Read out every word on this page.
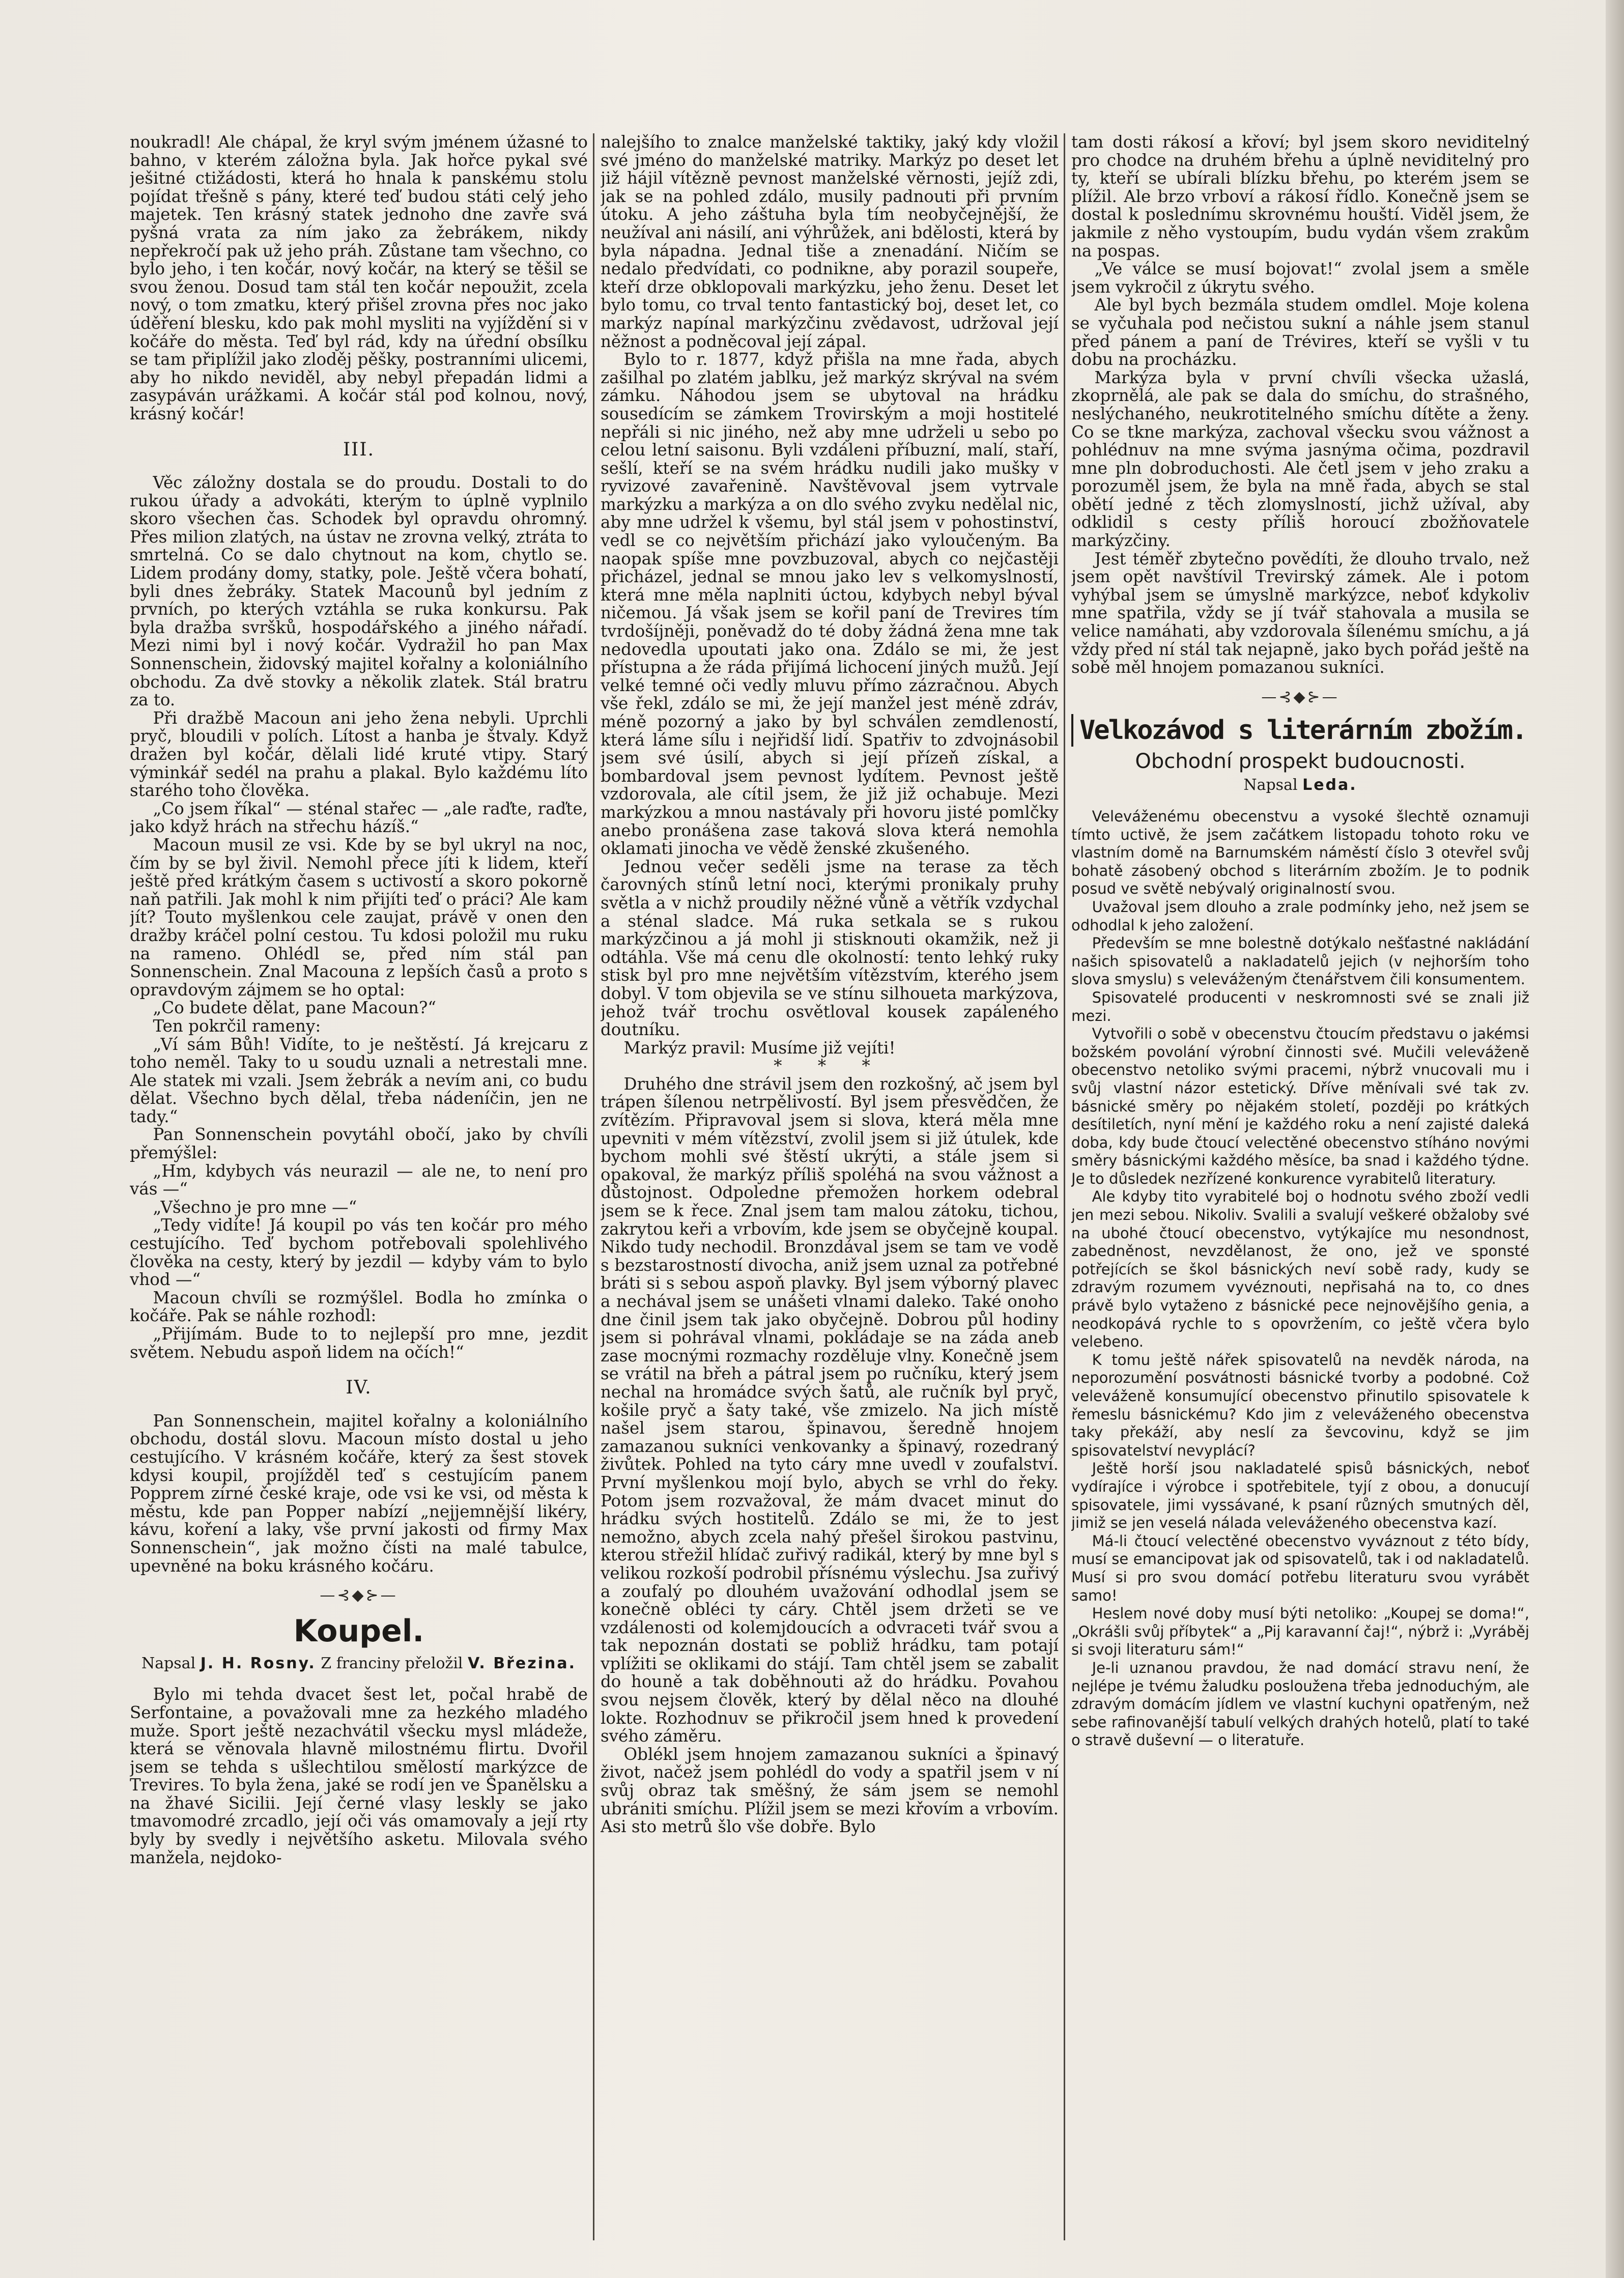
noukradl! Ale chápal, že kryl svým jménem úžasné to bahno, v kterém záložna byla. Jak hořce pykal své ješitné ctižádosti, která ho hnala k panskému stolu pojídat třešně s pány, které teď budou státi celý jeho majetek. Ten krásný statek jednoho dne zavře svá pyšná vrata za ním jako za žebrákem, nikdy nepřekročí pak už jeho práh. Zůstane tam všechno, co bylo jeho, i ten kočár, nový kočár, na který se těšil se svou ženou. Dosud tam stál ten kočár nepoužit, zcela nový, o tom zmatku, který přišel zrovna přes noc jako úděření blesku, kdo pak mohl mysliti na vyjíždění si v kočáře do města. Teď byl rád, kdy na úřední obsílku se tam připlížil jako zloděj pěšky, postranními ulicemi, aby ho nikdo neviděl, aby nebyl přepadán lidmi a zasypáván urážkami. A kočár stál pod kolnou, nový, krásný kočár!

III.

Věc záložny dostala se do proudu. Dostali to do rukou úřady a advokáti, kterým to úplně vyplnilo skoro všechen čas. Schodek byl opravdu ohromný. Přes milion zlatých, na ústav ne zrovna velký, ztráta to smrtelná. Co se dalo chytnout na kom, chytlo se. Lidem prodány domy, statky, pole. Ještě včera bohatí, byli dnes žebráky. Statek Macounů byl jedním z prvních, po kterých vztáhla se ruka konkursu. Pak byla dražba svršků, hospodářského a jiného nářadí. Mezi nimi byl i nový kočár. Vydražil ho pan Max Sonnenschein, židovský majitel kořalny a koloniálního obchodu. Za dvě stovky a několik zlatek. Stál bratru za to.

Při dražbě Macoun ani jeho žena nebyli. Uprchli pryč, bloudili v polích. Lítost a hanba je štvaly. Když dražen byl kočár, dělali lidé kruté vtipy. Starý výminkář sedél na prahu a plakal. Bylo každému líto starého toho člověka.

„Co jsem říkal“ — sténal stařec — „ale raďte, raďte, jako když hrách na střechu házíš.“

Macoun musil ze vsi. Kde by se byl ukryl na noc, čím by se byl živil. Nemohl přece jíti k lidem, kteří ještě před krátkým časem s uctivostí a skoro pokorně naň patřili. Jak mohl k nim přijíti teď o práci? Ale kam jít? Touto myšlenkou cele zaujat, právě v onen den dražby kráčel polní cestou. Tu kdosi položil mu ruku na rameno. Ohlédl se, před ním stál pan Sonnenschein. Znal Macouna z lepších časů a proto s opravdovým zájmem se ho optal:

„Co budete dělat, pane Macoun?“

Ten pokrčil rameny:

„Ví sám Bůh! Vidíte, to je neštěstí. Já krejcaru z toho neměl. Taky to u soudu uznali a netrestali mne. Ale statek mi vzali. Jsem žebrák a nevím ani, co budu dělat. Všechno bych dělal, třeba nádeníčin, jen ne tady.“

Pan Sonnenschein povytáhl obočí, jako by chvíli přemýšlel:

„Hm, kdybych vás neurazil — ale ne, to není pro vás —“

„Všechno je pro mne —“

„Tedy vidíte! Já koupil po vás ten kočár pro mého cestujícího. Teď bychom potřebovali spolehlivého člověka na cesty, který by jezdil — kdyby vám to bylo vhod —“

Macoun chvíli se rozmýšlel. Bodla ho zmínka o kočáře. Pak se náhle rozhodl:

„Přijímám. Bude to to nejlepší pro mne, jezdit světem. Nebudu aspoň lidem na očích!“

IV.

Pan Sonnenschein, majitel kořalny a koloniálního obchodu, dostál slovu. Macoun místo dostal u jeho cestujícího. V krásném kočáře, který za šest stovek kdysi koupil, projížděl teď s cestujícím panem Popprem zírné české kraje, ode vsi ke vsi, od města k městu, kde pan Popper nabízí „nejjemnější likéry, kávu, koření a laky, vše první jakosti od firmy Max Sonnenschein“, jak možno čísti na malé tabulce, upevněné na boku krásného kočáru.

—⊰◆⊱—
Koupel.
Napsal J. H. Rosny. Z franciny přeložil V. Březina.

Bylo mi tehda dvacet šest let, počal hrabě de Serfontaine, a považovali mne za hezkého mladého muže. Sport ještě nezachvátil všecku mysl mládeže, která se věnovala hlavně milostnému flirtu. Dvořil jsem se tehda s ušlechtilou smělostí markýzce de Trevires. To byla žena, jaké se rodí jen ve Španělsku a na žhavé Sicilii. Její černé vlasy leskly se jako tmavomodré zrcadlo, její oči vás omamovaly a její rty byly by svedly i největšího asketu. Milovala svého manžela, nejdoko-

nalejšího to znalce manželské taktiky, jaký kdy vložil své jméno do manželské matriky. Markýz po deset let již hájil vítězně pevnost manželské věrnosti, jejíž zdi, jak se na pohled zdálo, musily padnouti při prvním útoku. A jeho záštuha byla tím neobyčejnější, že neužíval ani násilí, ani výhrůžek, ani bdělosti, která by byla nápadna. Jednal tiše a znenadání. Ničím se nedalo předvídati, co podnikne, aby porazil soupeře, kteří drze obklopovali markýzku, jeho ženu. Deset let bylo tomu, co trval tento fantastický boj, deset let, co markýz napínal markýzčinu zvědavost, udržoval její něžnost a podněcoval její zápal.

Bylo to r. 1877, když přišla na mne řada, abych zašilhal po zlatém jablku, jež markýz skrýval na svém zámku. Náhodou jsem se ubytoval na hrádku sousedícím se zámkem Trovirským a moji hostitelé nepřáli si nic jiného, než aby mne udrželi u sebo po celou letní saisonu. Byli vzdáleni příbuzní, malí, staří, sešlí, kteří se na svém hrádku nudili jako mušky v ryvizové zavařenině. Navštěvoval jsem vytrvale markýzku a markýza a on dlo svého zvyku nedělal nic, aby mne udržel k všemu, byl stál jsem v pohostinství, vedl se co největším přichází jako vyloučeným. Ba naopak spíše mne povzbuzoval, abych co nejčastěji přicházel, jednal se mnou jako lev s velkomyslností, která mne měla naplniti úctou, kdybych nebyl býval ničemou. Já však jsem se kořil paní de Trevires tím tvrdošíjněji, poněvadž do té doby žádná žena mne tak nedovedla upoutati jako ona. Zdálo se mi, že jest přístupna a že ráda přijímá lichocení jiných mužů. Její velké temné oči vedly mluvu přímo zázračnou. Abych vše řekl, zdálo se mi, že její manžel jest méně zdráv, méně pozorný a jako by byl schválen zemdleností, která láme sílu i nejřidší lidí. Spatřiv to zdvojnásobil jsem své úsilí, abych si její přízeň získal, a bombardoval jsem pevnost lydítem. Pevnost ještě vzdorovala, ale cítil jsem, že již již ochabuje. Mezi markýzkou a mnou nastávaly při hovoru jisté pomlčky anebo pronášena zase taková slova která nemohla oklamati jinocha ve vědě ženské zkušeného.

Jednou večer seděli jsme na terase za těch čarovných stínů letní noci, kterými pronikaly pruhy světla a v nichž proudily něžné vůně a větřík vzdychal a sténal sladce. Má ruka setkala se s rukou markýzčinou a já mohl ji stisknouti okamžik, než ji odtáhla. Vše má cenu dle okolností: tento lehký ruky stisk byl pro mne největším vítězstvím, kterého jsem dobyl. V tom objevila se ve stínu silhoueta markýzova, jehož tvář trochu osvětloval kousek zapáleného doutníku.

Markýz pravil: Musíme již vejíti!

* * *

Druhého dne strávil jsem den rozkošný, ač jsem byl trápen šílenou netrpělivostí. Byl jsem přesvědčen, že zvítězím. Připravoval jsem si slova, která měla mne upevniti v mém vítězství, zvolil jsem si již útulek, kde bychom mohli své štěstí ukrýti, a stále jsem si opakoval, že markýz příliš spoléhá na svou vážnost a důstojnost. Odpoledne přemožen horkem odebral jsem se k řece. Znal jsem tam malou zátoku, tichou, zakrytou keři a vrbovím, kde jsem se obyčejně koupal. Nikdo tudy nechodil. Bronzdával jsem se tam ve vodě s bezstarostností divocha, aniž jsem uznal za potřebné bráti si s sebou aspoň plavky. Byl jsem výborný plavec a nechával jsem se unášeti vlnami daleko. Také onoho dne činil jsem tak jako obyčejně. Dobrou půl hodiny jsem si pohrával vlnami, pokládaje se na záda aneb zase mocnými rozmachy rozděluje vlny. Konečně jsem se vrátil na břeh a pátral jsem po ručníku, který jsem nechal na hromádce svých šatů, ale ručník byl pryč, košile pryč a šaty také, vše zmizelo. Na jich místě našel jsem starou, špinavou, šeredně hnojem zamazanou sukníci venkovanky a špinavý, rozedraný živůtek. Pohled na tyto cáry mne uvedl v zoufalství. První myšlenkou mojí bylo, abych se vrhl do řeky. Potom jsem rozvažoval, že mám dvacet minut do hrádku svých hostitelů. Zdálo se mi, že to jest nemožno, abych zcela nahý přešel širokou pastvinu, kterou střežil hlídač zuřivý radikál, který by mne byl s velikou rozkoší podrobil přísnému výslechu. Jsa zuřivý a zoufalý po dlouhém uvažování odhodlal jsem se konečně obléci ty cáry. Chtěl jsem držeti se ve vzdálenosti od kolemjdoucích a odvraceti tvář svou a tak nepoznán dostati se pobliž hrádku, tam potají vplížiti se oklikami do stájí. Tam chtěl jsem se zabalit do houně a tak doběhnouti až do hrádku. Povahou svou nejsem člověk, který by dělal něco na dlouhé lokte. Rozhodnuv se přikročil jsem hned k provedení svého záměru.

Oblékl jsem hnojem zamazanou sukníci a špinavý život, načež jsem pohlédl do vody a spatřil jsem v ní svůj obraz tak směšný, že sám jsem se nemohl ubrániti smíchu. Plížil jsem se mezi křovím a vrbovím. Asi sto metrů šlo vše dobře. Bylo

tam dosti rákosí a křoví; byl jsem skoro neviditelný pro chodce na druhém břehu a úplně neviditelný pro ty, kteří se ubírali blízku břehu, po kterém jsem se plížil. Ale brzo vrboví a rákosí řídlo. Konečně jsem se dostal k poslednímu skrovnému houští. Viděl jsem, že jakmile z něho vystoupím, budu vydán všem zrakům na pospas.

„Ve válce se musí bojovat!“ zvolal jsem a směle jsem vykročil z úkrytu svého.

Ale byl bych bezmála studem omdlel. Moje kolena se vyčuhala pod nečistou sukní a náhle jsem stanul před pánem a paní de Trévires, kteří se vyšli v tu dobu na procházku.

Markýza byla v první chvíli všecka užaslá, zkoprnělá, ale pak se dala do smíchu, do strašného, neslýchaného, neukrotitelného smíchu dítěte a ženy. Co se tkne markýza, zachoval všecku svou vážnost a pohlédnuv na mne svýma jasnýma očima, pozdravil mne pln dobroduchosti. Ale četl jsem v jeho zraku a porozuměl jsem, že byla na mně řada, abych se stal obětí jedné z těch zlomyslností, jichž užíval, aby odklidil s cesty příliš horoucí zbožňovatele markýzčiny.

Jest téměř zbytečno povědíti, že dlouho trvalo, než jsem opět navštívil Trevirský zámek. Ale i potom vyhýbal jsem se úmyslně markýzce, neboť kdykoliv mne spatřila, vždy se jí tvář stahovala a musila se velice namáhati, aby vzdorovala šílenému smíchu, a já vždy před ní stál tak nejapně, jako bych pořád ještě na sobě měl hnojem pomazanou sukníci.

—⊰◆⊱—
Velkozávod s literárním zbožím.
Obchodní prospekt budoucnosti.
Napsal Leda.

Veleváženému obecenstvu a vysoké šlechtě oznamuji tímto uctivě, že jsem začátkem listopadu tohoto roku ve vlastním domě na Barnumském náměstí číslo 3 otevřel svůj bohatě zásobený obchod s literárním zbožím. Je to podnik posud ve světě nebývalý originalností svou.

Uvažoval jsem dlouho a zrale podmínky jeho, než jsem se odhodlal k jeho založení.

Především se mne bolestně dotýkalo nešťastné nakládání našich spisovatelů a nakladatelů jejich (v nejhorším toho slova smyslu) s veleváženým čtenářstvem čili konsumentem.

Spisovatelé producenti v neskromnosti své se znali již mezi.

Vytvořili o sobě v obecenstvu čtoucím představu o jakémsi božském povolání výrobní činnosti své. Mučili veleváženě obecenstvo netoliko svými pracemi, nýbrž vnucovali mu i svůj vlastní názor estetický. Dříve měnívali své tak zv. básnické směry po nějakém století, později po krátkých desítiletích, nyní mění je každého roku a není zajisté daleká doba, kdy bude čtoucí velectěné obecenstvo stíháno novými směry básnickými každého měsíce, ba snad i každého týdne. Je to důsledek nezřízené konkurence vyrabitelů literatury.

Ale kdyby tito vyrabitelé boj o hodnotu svého zboží vedli jen mezi sebou. Nikoliv. Svalili a svalují veškeré obžaloby své na ubohé čtoucí obecenstvo, vytýkajíce mu nesondnost, zabedněnost, nevzdělanost, že ono, jež ve sponsté potřejících se škol básnických neví sobě rady, kudy se zdravým rozumem vyvéznouti, nepřisahá na to, co dnes právě bylo vytaženo z básnické pece nejnovějšího genia, a neodkopává rychle to s opovržením, co ještě včera bylo velebeno.

K tomu ještě nářek spisovatelů na nevděk národa, na neporozumění posvátnosti básnické tvorby a podobné. Což veleváženě konsumující obecenstvo přinutilo spisovatele k řemeslu básnickému? Kdo jim z veleváženého obecenstva taky překáží, aby neslí za ševcovinu, když se jim spisovatelství nevyplácí?

Ještě horší jsou nakladatelé spisů básnických, neboť vydírajíce i výrobce i spotřebitele, tyjí z obou, a donucují spisovatele, jimi vyssávané, k psaní různých smutných děl, jimiž se jen veselá nálada veleváženého obecenstva kazí.

Má-li čtoucí velectěné obecenstvo vyváznout z této bídy, musí se emancipovat jak od spisovatelů, tak i od nakladatelů. Musí si pro svou domácí potřebu literaturu svou vyrábět samo!

Heslem nové doby musí býti netoliko: „Koupej se doma!“, „Okrášli svůj příbytek“ a „Pij karavanní čaj!“, nýbrž i: „Vyráběj si svoji literaturu sám!“

Je-li uznanou pravdou, že nad domácí stravu není, že nejlépe je tvému žaludku posloužena třeba jednoduchým, ale zdravým domácím jídlem ve vlastní kuchyni opatřeným, než sebe rafinovanější tabulí velkých drahých hotelů, platí to také o stravě duševní — o literatuře.
